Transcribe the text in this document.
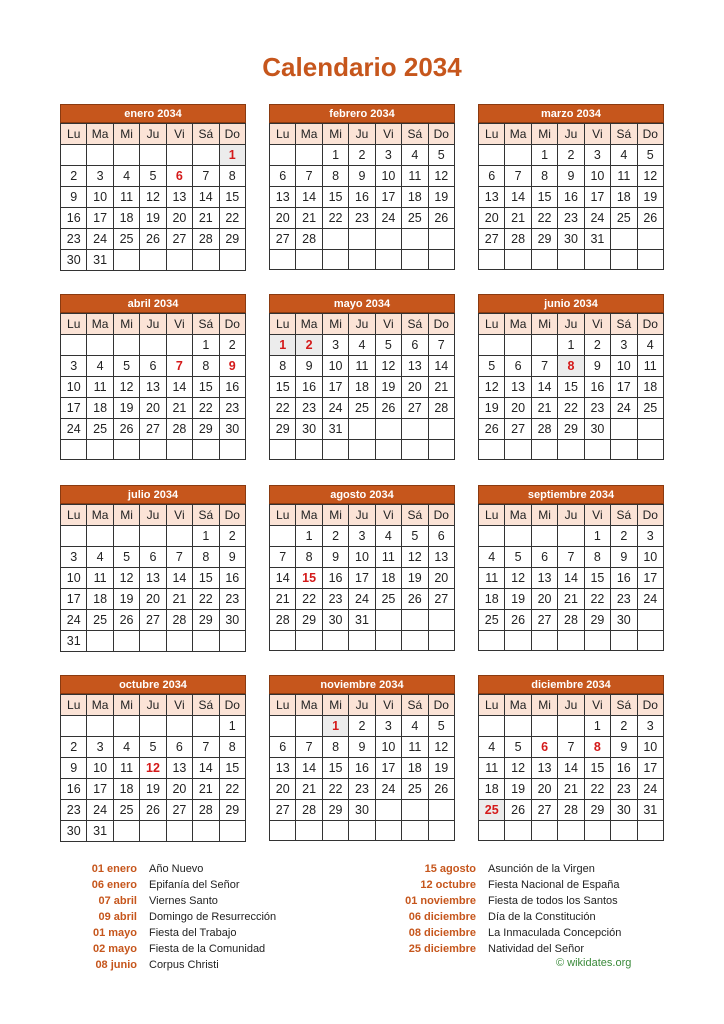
Calendario 2034
enero 2034
Lu	Ma	Mi	Ju	Vi	Sá	Do
						1
2	3	4	5	6	7	8
9	10	11	12	13	14	15
16	17	18	19	20	21	22
23	24	25	26	27	28	29
30	31					
febrero 2034
Lu	Ma	Mi	Ju	Vi	Sá	Do
		1	2	3	4	5
6	7	8	9	10	11	12
13	14	15	16	17	18	19
20	21	22	23	24	25	26
27	28					

marzo 2034
Lu	Ma	Mi	Ju	Vi	Sá	Do
		1	2	3	4	5
6	7	8	9	10	11	12
13	14	15	16	17	18	19
20	21	22	23	24	25	26
27	28	29	30	31		

abril 2034
Lu	Ma	Mi	Ju	Vi	Sá	Do
					1	2
3	4	5	6	7	8	9
10	11	12	13	14	15	16
17	18	19	20	21	22	23
24	25	26	27	28	29	30

mayo 2034
Lu	Ma	Mi	Ju	Vi	Sá	Do
1	2	3	4	5	6	7
8	9	10	11	12	13	14
15	16	17	18	19	20	21
22	23	24	25	26	27	28
29	30	31				

junio 2034
Lu	Ma	Mi	Ju	Vi	Sá	Do
			1	2	3	4
5	6	7	8	9	10	11
12	13	14	15	16	17	18
19	20	21	22	23	24	25
26	27	28	29	30		

julio 2034
Lu	Ma	Mi	Ju	Vi	Sá	Do
					1	2
3	4	5	6	7	8	9
10	11	12	13	14	15	16
17	18	19	20	21	22	23
24	25	26	27	28	29	30
31						
agosto 2034
Lu	Ma	Mi	Ju	Vi	Sá	Do
	1	2	3	4	5	6
7	8	9	10	11	12	13
14	15	16	17	18	19	20
21	22	23	24	25	26	27
28	29	30	31			

septiembre 2034
Lu	Ma	Mi	Ju	Vi	Sá	Do
				1	2	3
4	5	6	7	8	9	10
11	12	13	14	15	16	17
18	19	20	21	22	23	24
25	26	27	28	29	30	

octubre 2034
Lu	Ma	Mi	Ju	Vi	Sá	Do
						1
2	3	4	5	6	7	8
9	10	11	12	13	14	15
16	17	18	19	20	21	22
23	24	25	26	27	28	29
30	31					
noviembre 2034
Lu	Ma	Mi	Ju	Vi	Sá	Do
		1	2	3	4	5
6	7	8	9	10	11	12
13	14	15	16	17	18	19
20	21	22	23	24	25	26
27	28	29	30			

diciembre 2034
Lu	Ma	Mi	Ju	Vi	Sá	Do
				1	2	3
4	5	6	7	8	9	10
11	12	13	14	15	16	17
18	19	20	21	22	23	24
25	26	27	28	29	30	31

01 enero	Año Nuevo
06 enero	Epifanía del Señor
07 abril	Viernes Santo
09 abril	Domingo de Resurrección
01 mayo	Fiesta del Trabajo
02 mayo	Fiesta de la Comunidad
08 junio	Corpus Christi
15 agosto	Asunción de la Virgen
12 octubre	Fiesta Nacional de España
01 noviembre	Fiesta de todos los Santos
06 diciembre	Día de la Constitución
08 diciembre	La Inmaculada Concepción
25 diciembre	Natividad del Señor
© wikidates.org
